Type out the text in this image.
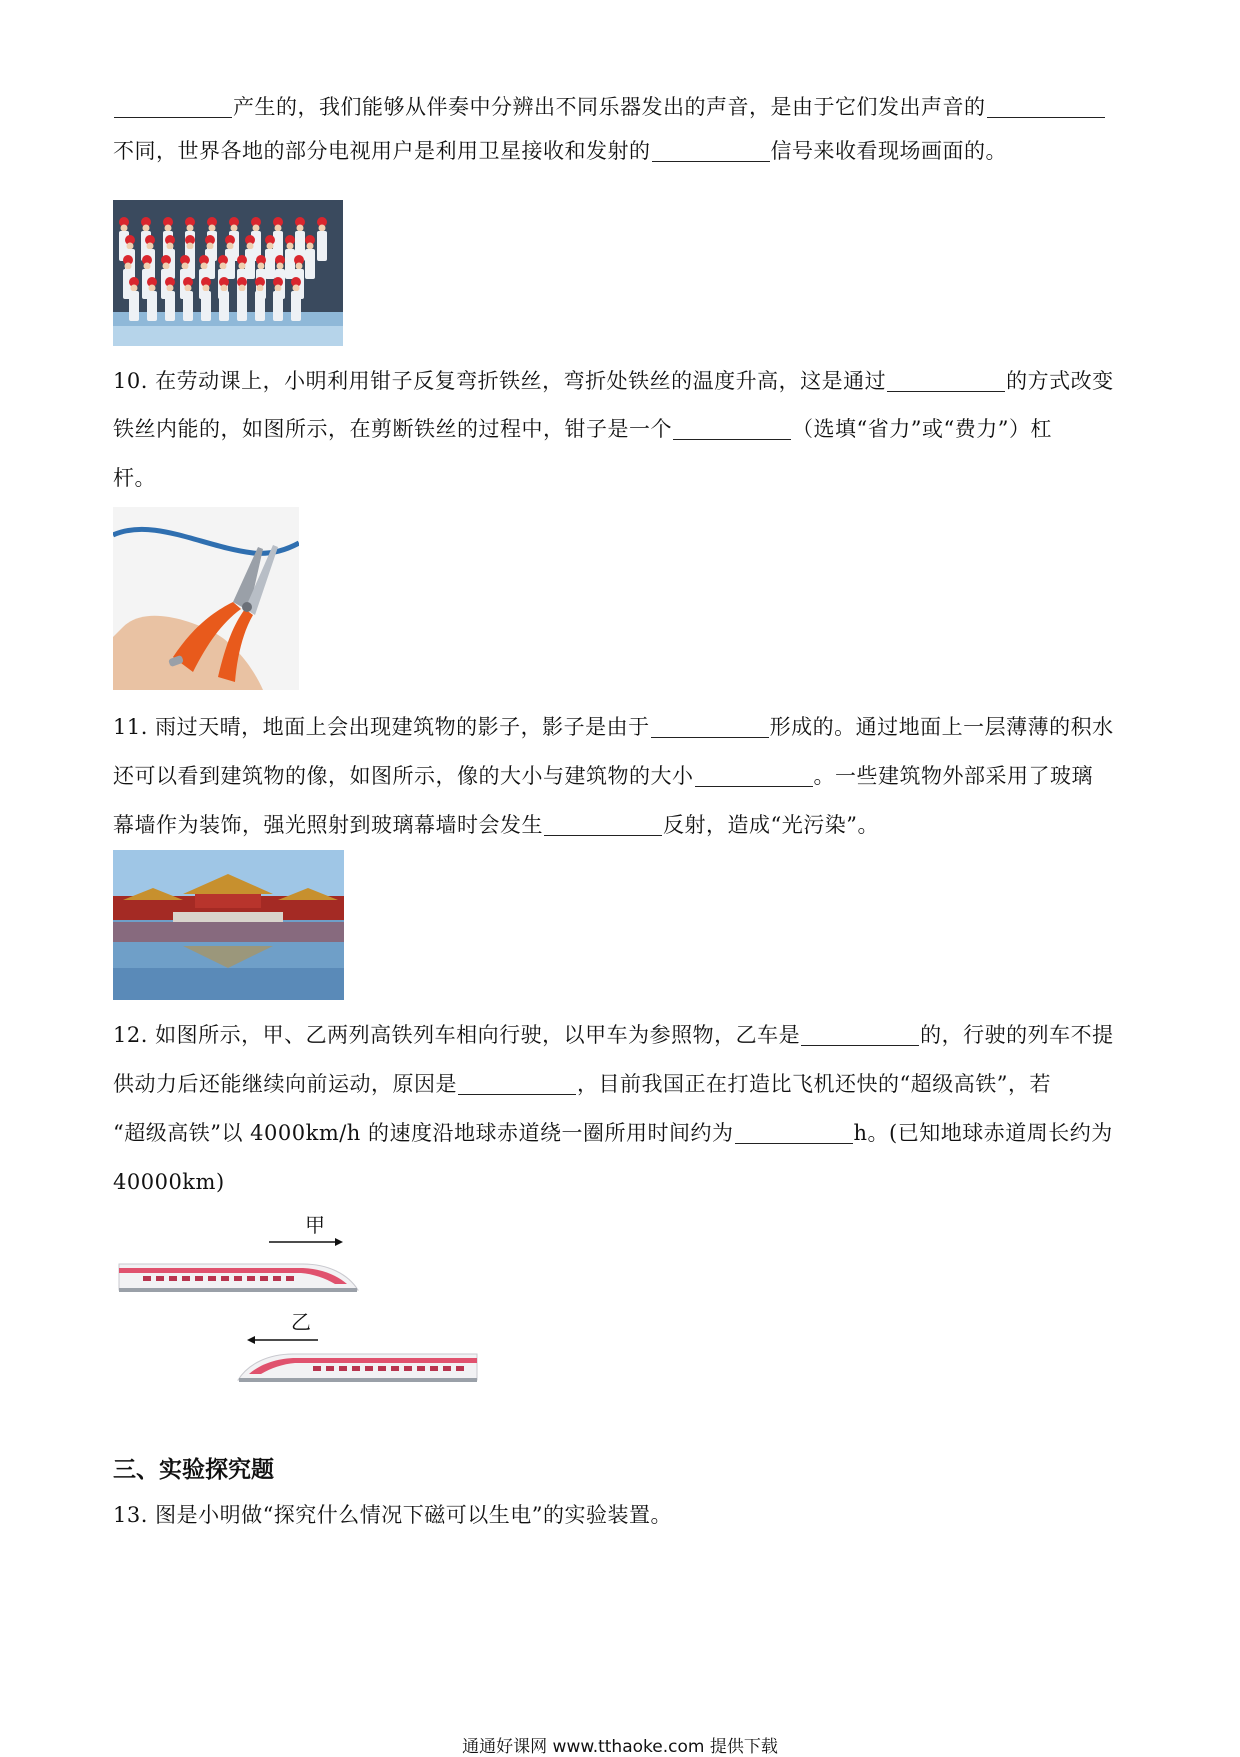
产生的，我们能够从伴奏中分辨出不同乐器发出的声音，是由于它们发出声音的
不同，世界各地的部分电视用户是利用卫星接收和发射的	信号来收看现场画面的。
10. 在劳动课上，小明利用钳子反复弯折铁丝，弯折处铁丝的温度升高，这是通过	的方式改变
铁丝内能的，如图所示，在剪断铁丝的过程中，钳子是一个	（选填“省力”或“费力”）杠
杆。
11. 雨过天晴，地面上会出现建筑物的影子，影子是由于	形成的。通过地面上一层薄薄的积水
还可以看到建筑物的像，如图所示，像的大小与建筑物的大小	。一些建筑物外部采用了玻璃
幕墙作为装饰，强光照射到玻璃幕墙时会发生	反射，造成“光污染”。
12. 如图所示，甲、乙两列高铁列车相向行驶，以甲车为参照物，乙车是	的，行驶的列车不提
供动力后还能继续向前运动，原因是	，目前我国正在打造比飞机还快的“超级高铁”，若
“超级高铁”以 4000km/h 的速度沿地球赤道绕一圈所用时间约为	h。(已知地球赤道周长约为
40000km)
甲
乙
三、实验探究题
13. 图是小明做“探究什么情况下磁可以生电”的实验装置。
通通好课网 www.tthaoke.com 提供下载
